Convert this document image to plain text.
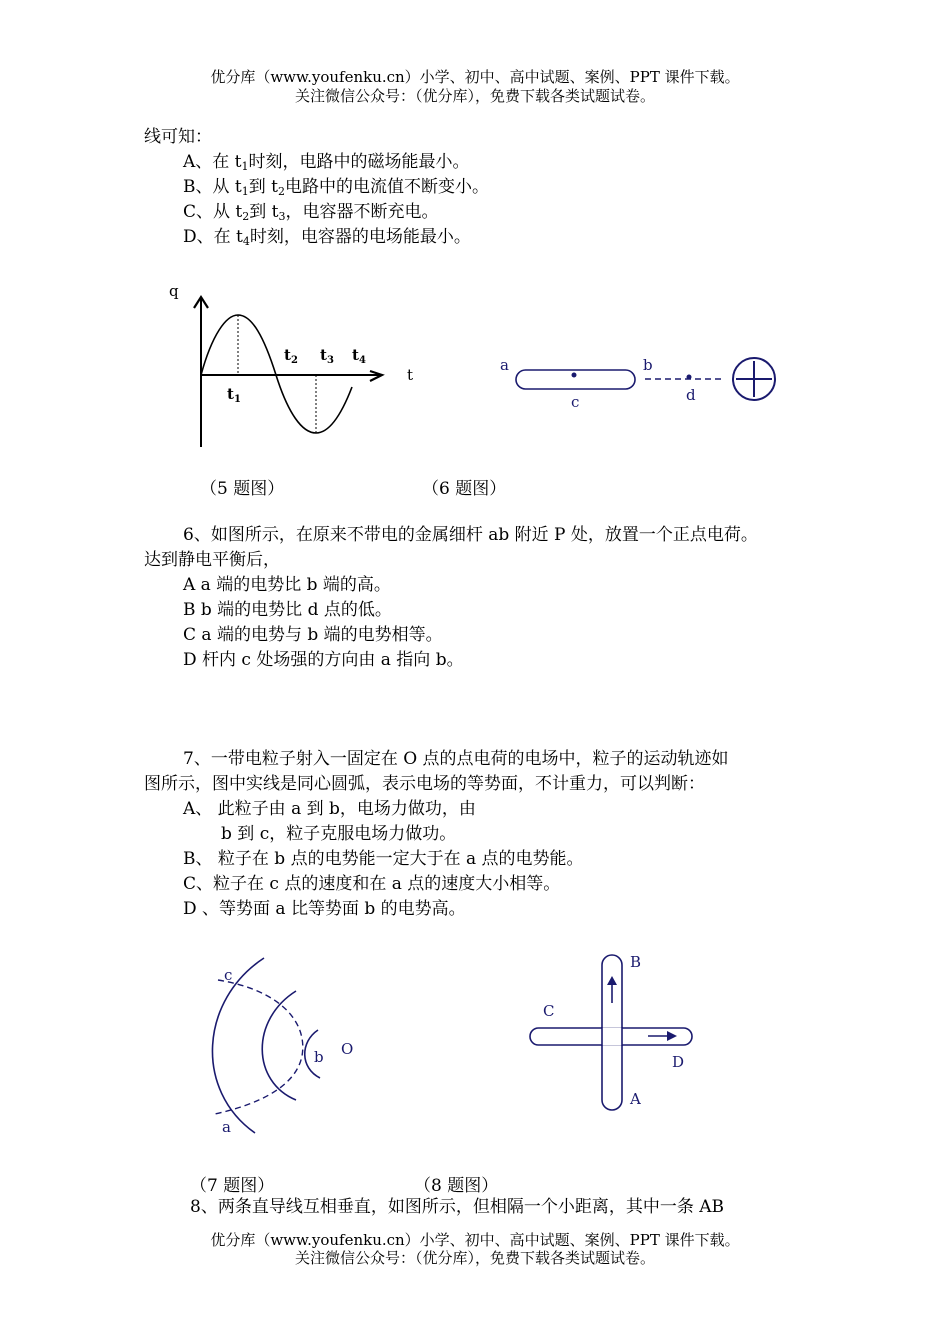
优分库（www.youfenku.cn）小学、初中、高中试题、案例、PPT 课件下载。
关注微信公众号：（优分库），免费下载各类试题试卷。
线可知：
A、在 $t_1$时刻，电路中的磁场能最小。
B、从 $t_1$到 $t_2$电路中的电流值不断变小。
C、从 $t_2$到 $t_3$，电容器不断充电。
D、在 $t_4$时刻，电容器的电场能最小。
q
$t_1$
$t_2$ $t_3$ $t_4$
t
a
c
b
d
（5 题图）	（6 题图）
6、如图所示，在原来不带电的金属细杆 ab 附近 P 处，放置一个正点电荷。
达到静电平衡后，
A a 端的电势比 b 端的高。
B b 端的电势比 d 点的低。
C a 端的电势与 b 端的电势相等。
D 杆内 c 处场强的方向由 a 指向 b。
7、一带电粒子射入一固定在 O 点的点电荷的电场中，粒子的运动轨迹如
图所示，图中实线是同心圆弧，表示电场的等势面，不计重力，可以判断：
A、 此粒子由 a 到 b，电场力做功，由
b 到 c，粒子克服电场力做功。
B、 粒子在 b 点的电势能一定大于在 a 点的电势能。
C、粒子在 c 点的速度和在 a 点的速度大小相等。
D 、等势面 a 比等势面 b 的电势高。
c
b O
a
B
C
D
A
（7 题图）	（8 题图）
8、两条直导线互相垂直，如图所示，但相隔一个小距离，其中一条 AB
优分库（www.youfenku.cn）小学、初中、高中试题、案例、PPT 课件下载。
关注微信公众号：（优分库），免费下载各类试题试卷。
